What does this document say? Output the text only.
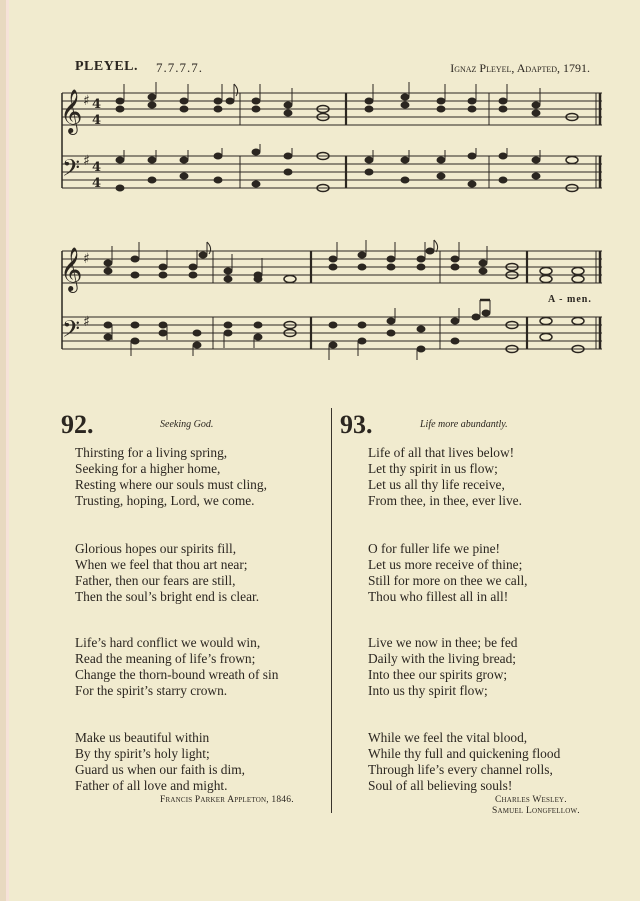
PLEYEL. 7.7.7.7.	Ignaz Pleyel, Adapted, 1791.
𝄞
𝄢
𝄞
𝄢
♯
♯
♯
♯
4
4
4
4
A - men.
92.	Seeking God.
Thirsting for a living spring,
Seeking for a higher home,
Resting where our souls must cling,
Trusting, hoping, Lord, we come.
Glorious hopes our spirits fill,
When we feel that thou art near;
Father, then our fears are still,
Then the soul’s bright end is clear.
Life’s hard conflict we would win,
Read the meaning of life’s frown;
Change the thorn-bound wreath of sin
For the spirit’s starry crown.
Make us beautiful within
By thy spirit’s holy light;
Guard us when our faith is dim,
Father of all love and might.
Francis Parker Appleton, 1846.
93.	Life more abundantly.
Life of all that lives below!
Let thy spirit in us flow;
Let us all thy life receive,
From thee, in thee, ever live.
O for fuller life we pine!
Let us more receive of thine;
Still for more on thee we call,
Thou who fillest all in all!
Live we now in thee; be fed
Daily with the living bread;
Into thee our spirits grow;
Into us thy spirit flow;
While we feel the vital blood,
While thy full and quickening flood
Through life’s every channel rolls,
Soul of all believing souls!
Charles Wesley.
Samuel Longfellow.
